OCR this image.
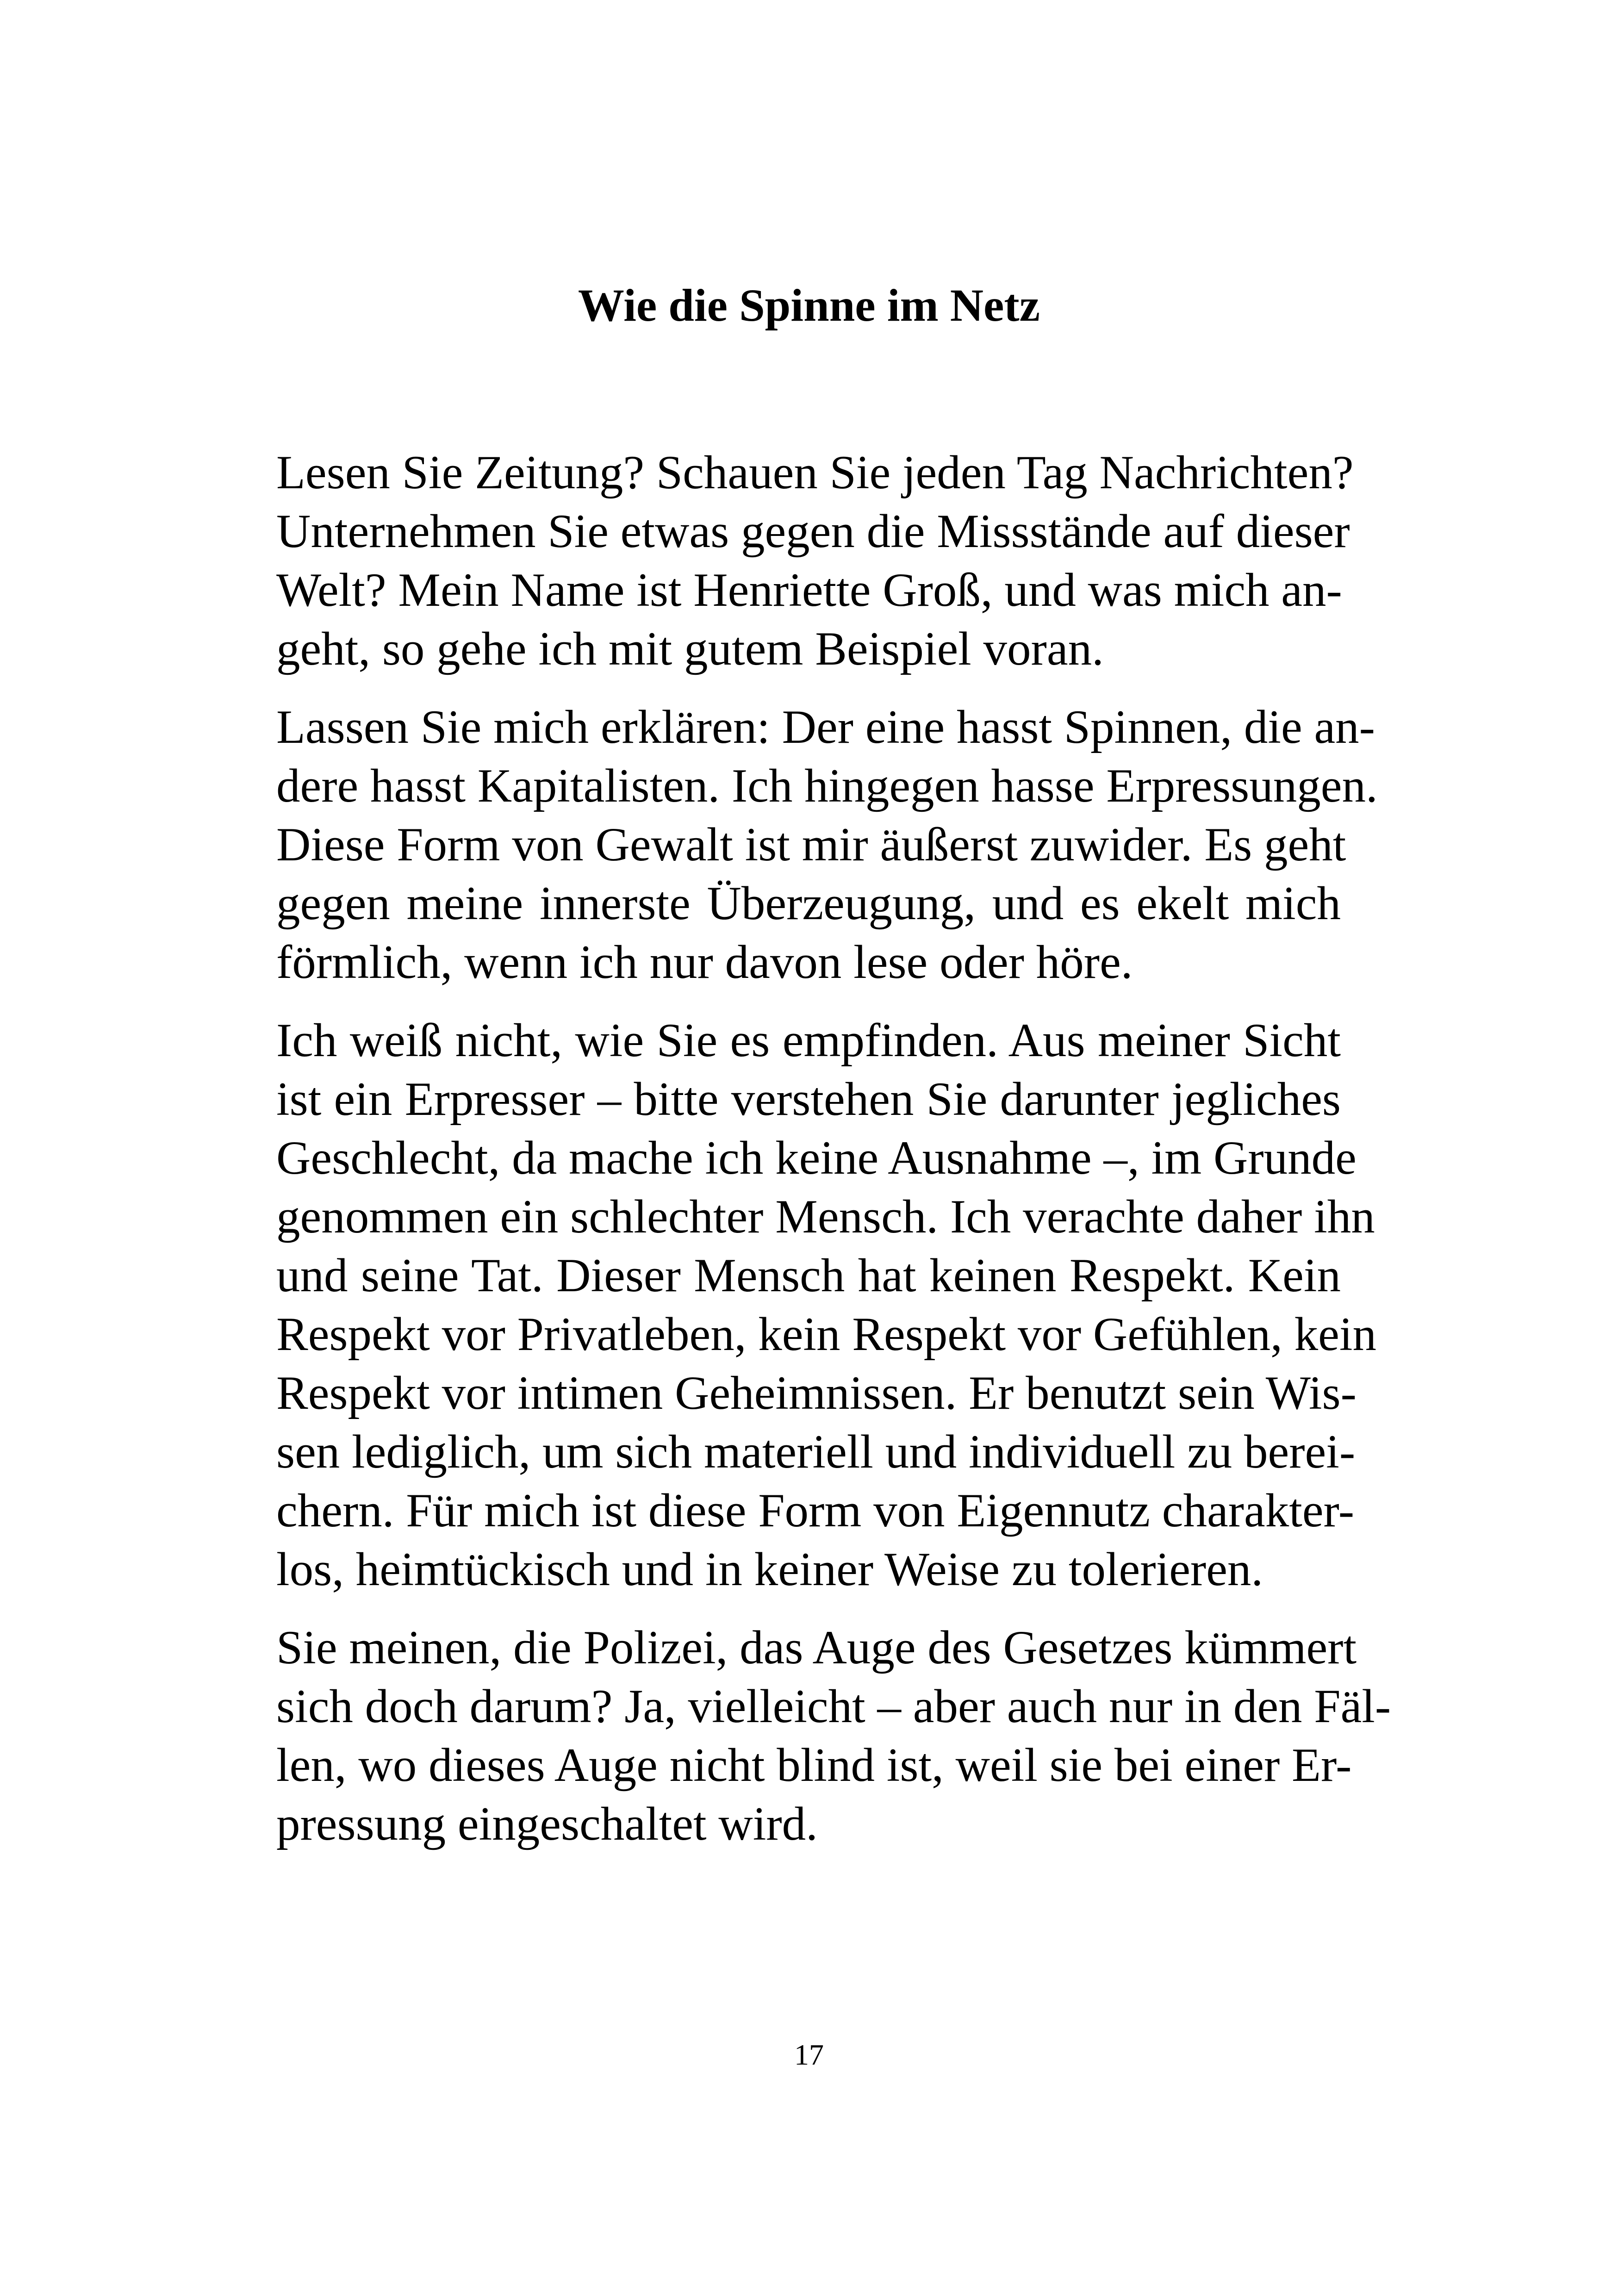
Wie die Spinne im Netz

Lesen Sie Zeitung? Schauen Sie jeden Tag Nachrichten?
Unternehmen Sie etwas gegen die Missstände auf dieser
Welt? Mein Name ist Henriette Groß, und was mich an-
geht, so gehe ich mit gutem Beispiel voran.

Lassen Sie mich erklären: Der eine hasst Spinnen, die an-
dere hasst Kapitalisten. Ich hingegen hasse Erpressungen.
Diese Form von Gewalt ist mir äußerst zuwider. Es geht
gegen meine innerste Überzeugung, und es ekelt mich
förmlich, wenn ich nur davon lese oder höre.

Ich weiß nicht, wie Sie es empfinden. Aus meiner Sicht
ist ein Erpresser – bitte verstehen Sie darunter jegliches
Geschlecht, da mache ich keine Ausnahme –, im Grunde
genommen ein schlechter Mensch. Ich verachte daher ihn
und seine Tat. Dieser Mensch hat keinen Respekt. Kein
Respekt vor Privatleben, kein Respekt vor Gefühlen, kein
Respekt vor intimen Geheimnissen. Er benutzt sein Wis-
sen lediglich, um sich materiell und individuell zu berei-
chern. Für mich ist diese Form von Eigennutz charakter-
los, heimtückisch und in keiner Weise zu tolerieren.

Sie meinen, die Polizei, das Auge des Gesetzes kümmert
sich doch darum? Ja, vielleicht – aber auch nur in den Fäl-
len, wo dieses Auge nicht blind ist, weil sie bei einer Er-
pressung eingeschaltet wird.

17
